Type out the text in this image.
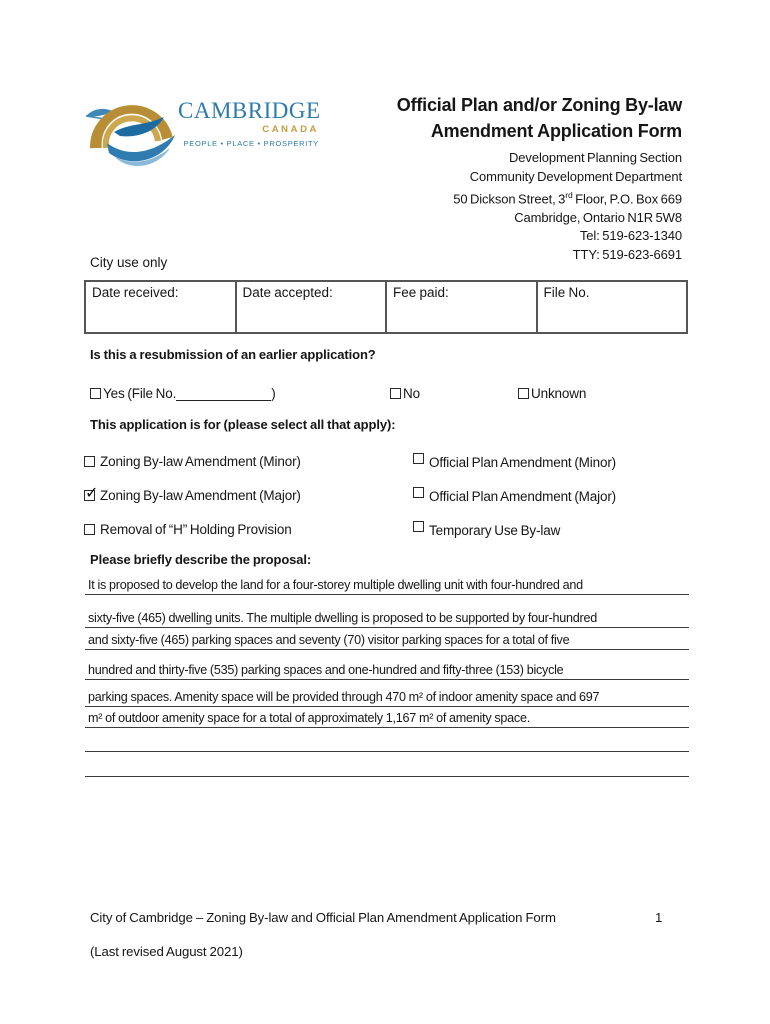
CAMBRIDGE
CANADA
PEOPLE • PLACE • PROSPERITY
Official Plan and/or Zoning By-law
Amendment Application Form
Development Planning Section
Community Development Department
50 Dickson Street, 3rd Floor, P.O. Box 669
Cambridge, Ontario N1R 5W8
Tel: 519-623-1340
TTY: 519-623-6691
City use only
Date received:	Date accepted:	Fee paid:	File No.
Is this a resubmission of an earlier application?
Yes (File No.	)	No	Unknown
This application is for (please select all that apply):
Zoning By-law Amendment (Minor)	Official Plan Amendment (Minor)
✓Zoning By-law Amendment (Major)	Official Plan Amendment (Major)
Removal of “H” Holding Provision	Temporary Use By-law
Please briefly describe the proposal:
It is proposed to develop the land for a four-storey multiple dwelling unit with four-hundred and
sixty-five (465) dwelling units. The multiple dwelling is proposed to be supported by four-hundred
and sixty-five (465) parking spaces and seventy (70) visitor parking spaces for a total of five
hundred and thirty-five (535) parking spaces and one-hundred and fifty-three (153) bicycle
parking spaces. Amenity space will be provided through 470 m² of indoor amenity space and 697
m² of outdoor amenity space for a total of approximately 1,167 m² of amenity space.
City of Cambridge – Zoning By-law and Official Plan Amendment Application Form	1
(Last revised August 2021)
